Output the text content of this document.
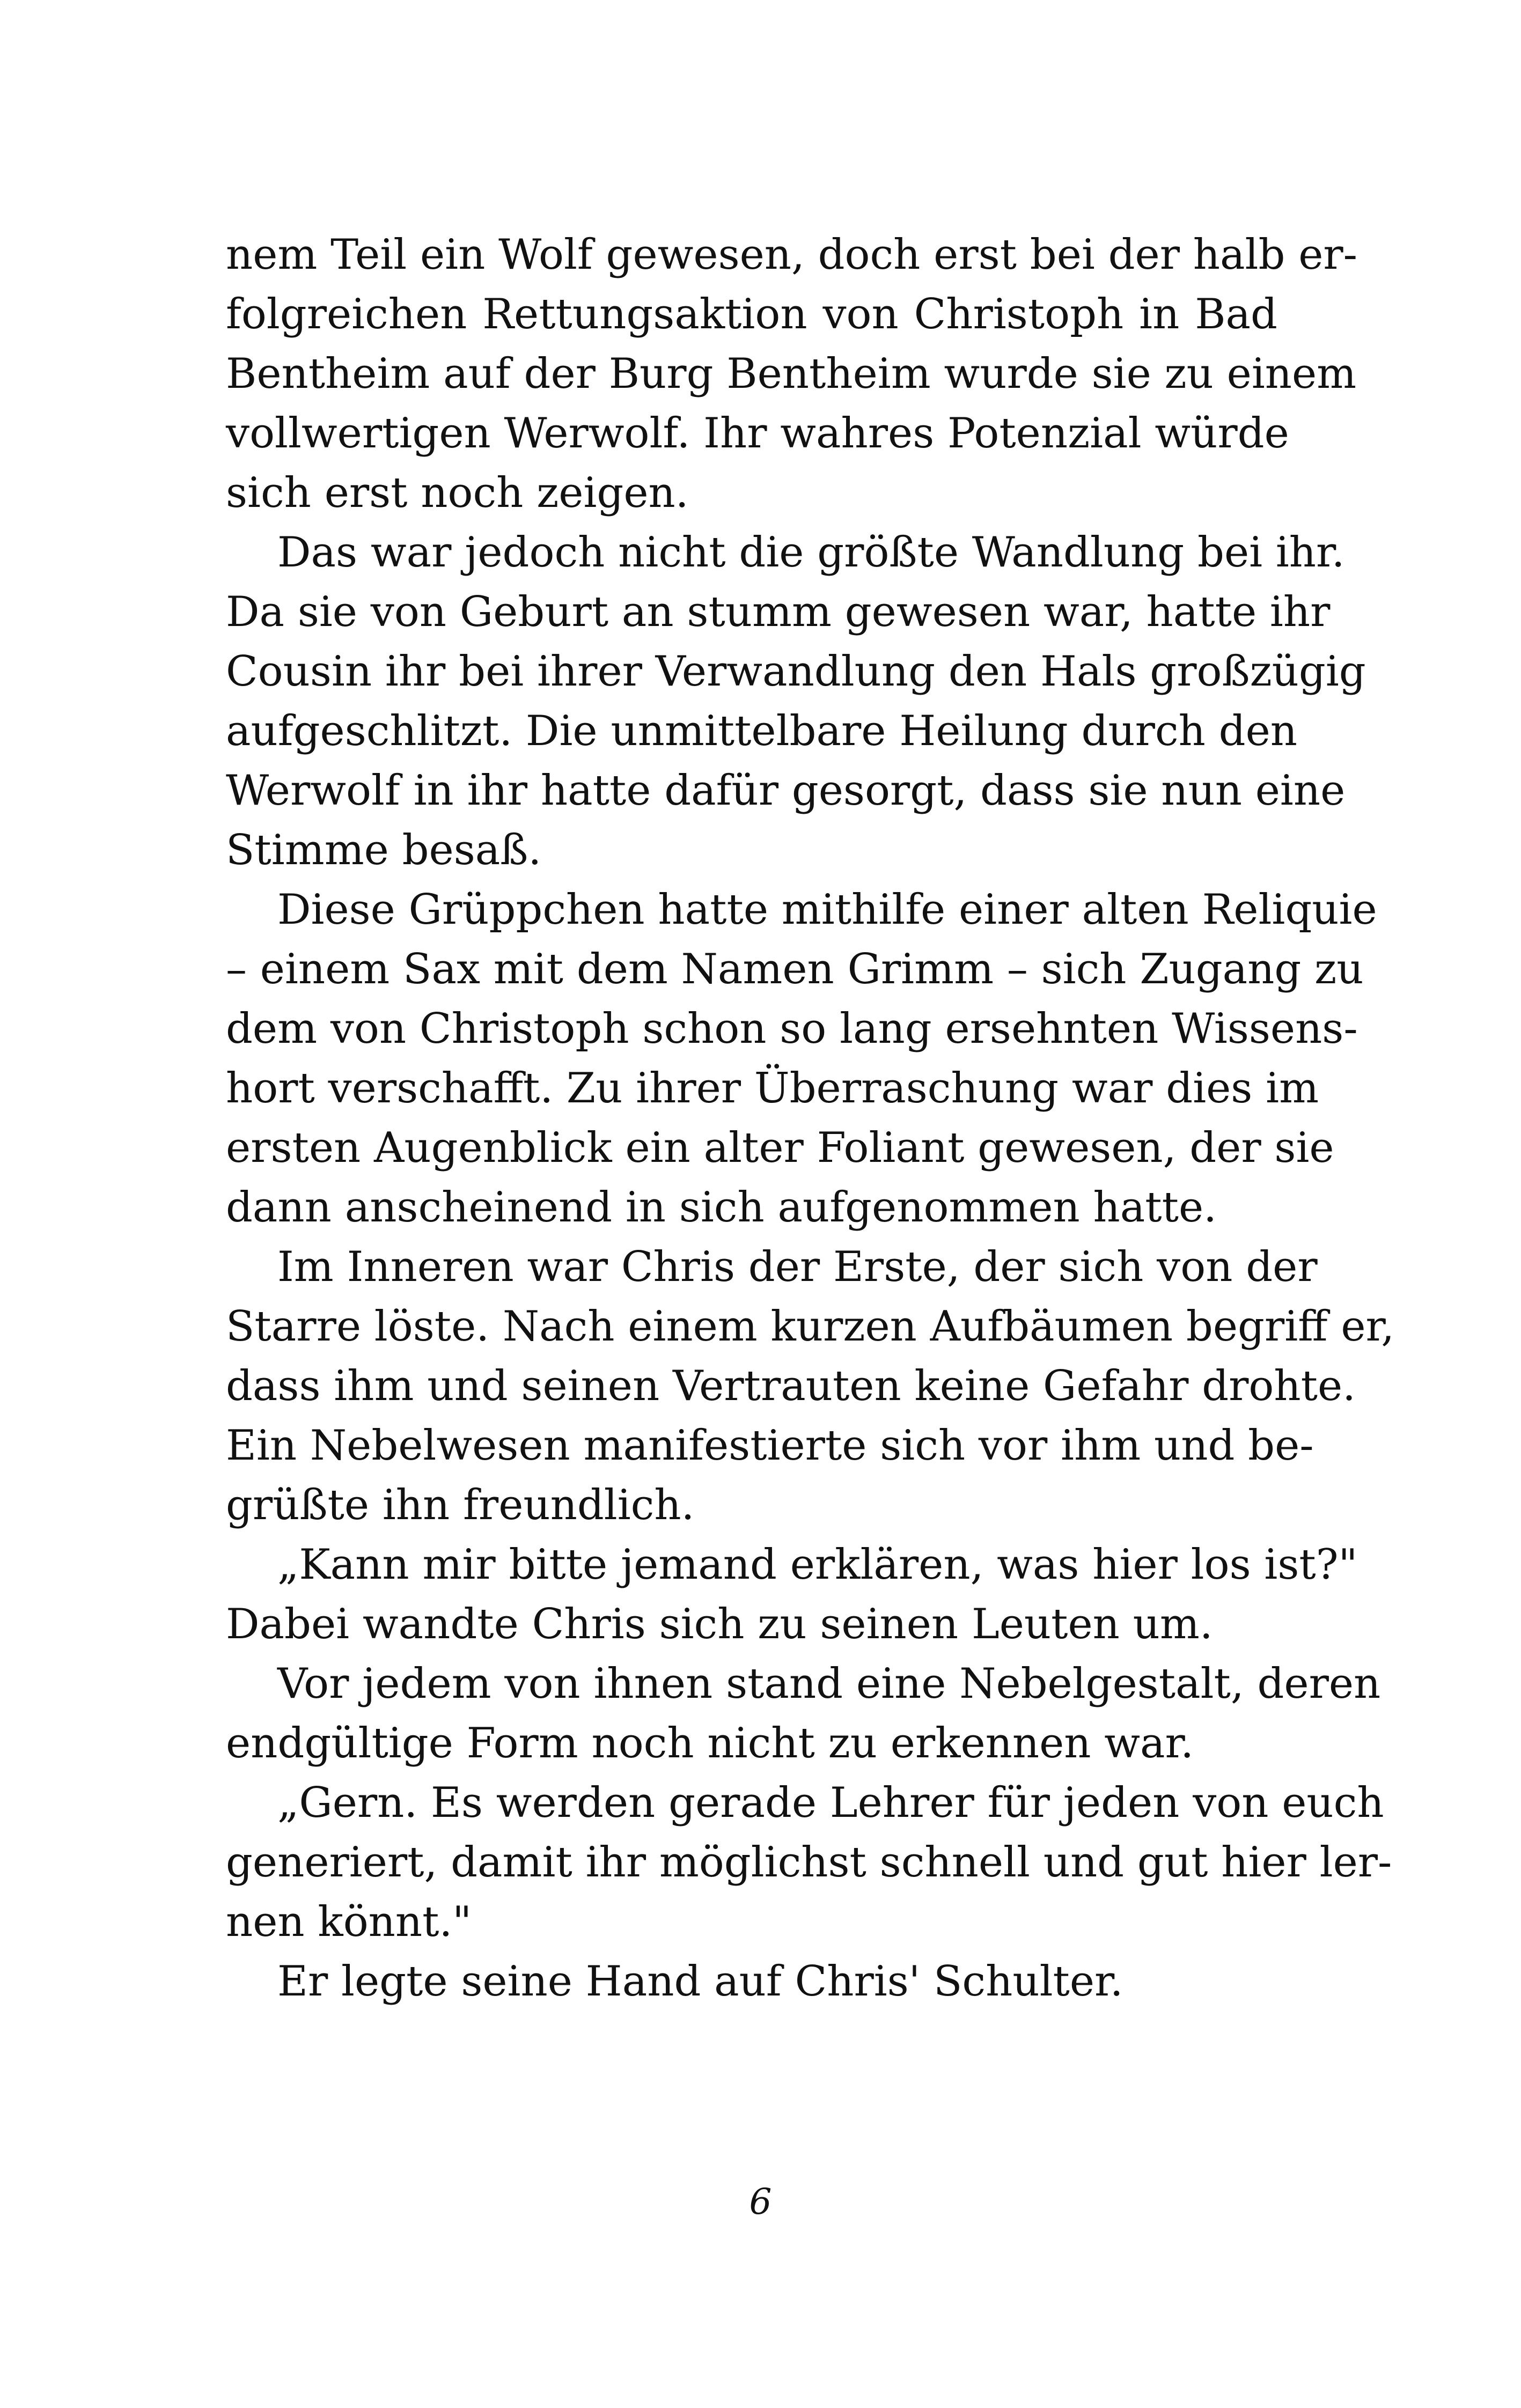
nem Teil ein Wolf gewesen, doch erst bei der halb er-
folgreichen Rettungsaktion von Christoph in Bad
Bentheim auf der Burg Bentheim wurde sie zu einem
vollwertigen Werwolf. Ihr wahres Potenzial würde
sich erst noch zeigen.
Das war jedoch nicht die größte Wandlung bei ihr.
Da sie von Geburt an stumm gewesen war, hatte ihr
Cousin ihr bei ihrer Verwandlung den Hals großzügig
aufgeschlitzt. Die unmittelbare Heilung durch den
Werwolf in ihr hatte dafür gesorgt, dass sie nun eine
Stimme besaß.
Diese Grüppchen hatte mithilfe einer alten Reliquie
– einem Sax mit dem Namen Grimm – sich Zugang zu
dem von Christoph schon so lang ersehnten Wissens-
hort verschafft. Zu ihrer Überraschung war dies im
ersten Augenblick ein alter Foliant gewesen, der sie
dann anscheinend in sich aufgenommen hatte.
Im Inneren war Chris der Erste, der sich von der
Starre löste. Nach einem kurzen Aufbäumen begriff er,
dass ihm und seinen Vertrauten keine Gefahr drohte.
Ein Nebelwesen manifestierte sich vor ihm und be-
grüßte ihn freundlich.
„Kann mir bitte jemand erklären, was hier los ist?"
Dabei wandte Chris sich zu seinen Leuten um.
Vor jedem von ihnen stand eine Nebelgestalt, deren
endgültige Form noch nicht zu erkennen war.
„Gern. Es werden gerade Lehrer für jeden von euch
generiert, damit ihr möglichst schnell und gut hier ler-
nen könnt."
Er legte seine Hand auf Chris' Schulter.
6
